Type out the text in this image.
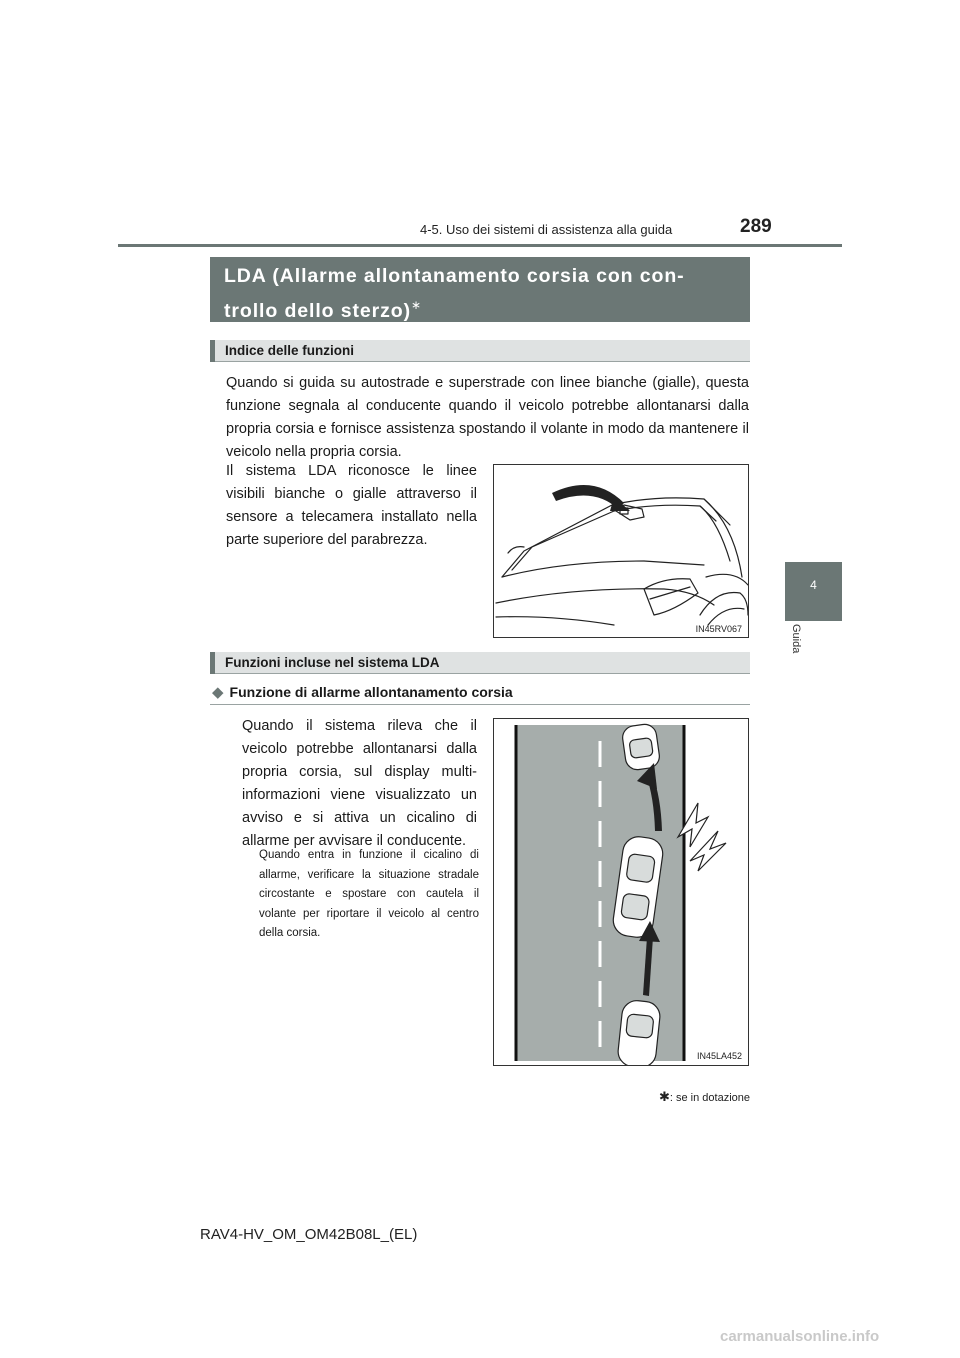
4-5. Uso dei sistemi di assistenza alla guida	289
4
Guida
LDA (Allarme allontanamento corsia con con-trollo dello sterzo)∗
Indice delle funzioni
Quando si guida su autostrade e superstrade con linee bianche (gialle), questa funzione segnala al conducente quando il veicolo potrebbe allontanarsi dalla propria corsia e fornisce assistenza spostando il volante in modo da mantenere il veicolo nella propria corsia.
Il sistema LDA riconosce le linee visibili bianche o gialle attraverso il sensore a telecamera installato nella parte superiore del parabrezza.
IN45RV067
Funzioni incluse nel sistema LDA
◆ Funzione di allarme allontanamento corsia
Quando il sistema rileva che il veicolo potrebbe allontanarsi dalla propria corsia, sul display multi-informazioni viene visualizzato un avviso e si attiva un cicalino di allarme per avvisare il conducente.
Quando entra in funzione il cicalino di allarme, verificare la situazione stradale circostante e spostare con cautela il volante per riportare il veicolo al centro della corsia.
IN45LA452
✱: se in dotazione
RAV4-HV_OM_OM42B08L_(EL)
carmanualsonline.info
